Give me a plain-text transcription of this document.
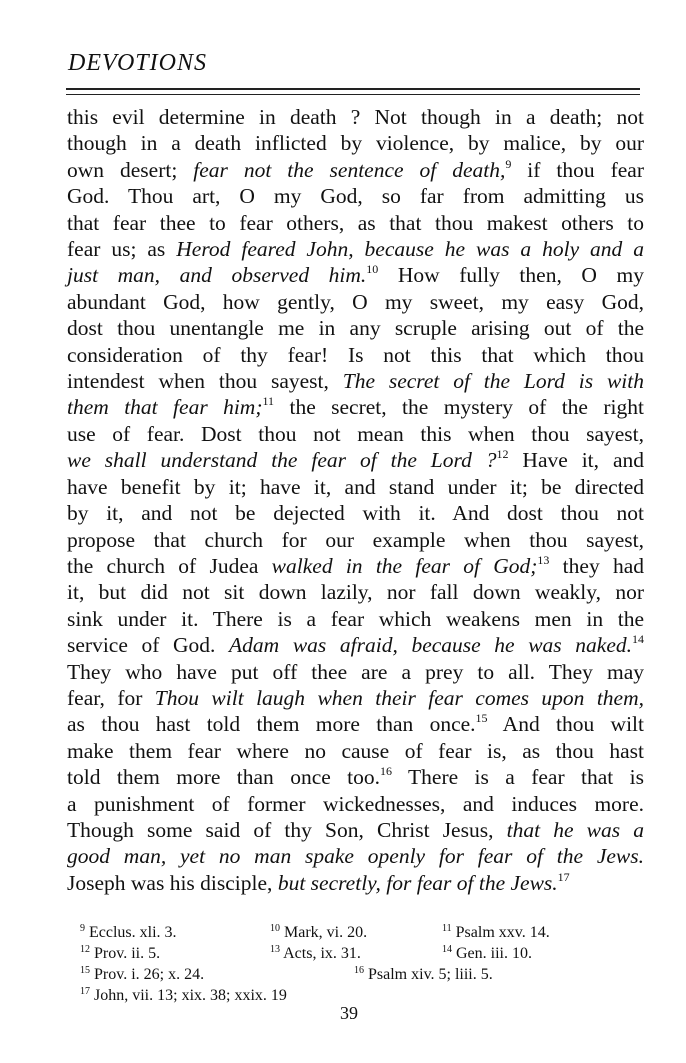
DEVOTIONS
this evil determine in death ? Not though in a death; not
though in a death inflicted by violence, by malice, by our
own desert; fear not the sentence of death,$^9$ if thou fear
God. Thou art, O my God, so far from admitting us
that fear thee to fear others, as that thou makest others to
fear us; as Herod feared John, because he was a holy and a
just man, and observed him.$^{10}$ How fully then, O my
abundant God, how gently, O my sweet, my easy God,
dost thou unentangle me in any scruple arising out of the
consideration of thy fear! Is not this that which thou
intendest when thou sayest, The secret of the Lord is with
them that fear him;$^{11}$ the secret, the mystery of the right
use of fear. Dost thou not mean this when thou sayest,
we shall understand the fear of the Lord ?$^{12}$ Have it, and
have benefit by it; have it, and stand under it; be directed
by it, and not be dejected with it. And dost thou not
propose that church for our example when thou sayest,
the church of Judea walked in the fear of God;$^{13}$ they had
it, but did not sit down lazily, nor fall down weakly, nor
sink under it. There is a fear which weakens men in the
service of God. Adam was afraid, because he was naked.$^{14}$
They who have put off thee are a prey to all. They may
fear, for Thou wilt laugh when their fear comes upon them,
as thou hast told them more than once.$^{15}$ And thou wilt
make them fear where no cause of fear is, as thou hast
told them more than once too.$^{16}$ There is a fear that is
a punishment of former wickednesses, and induces more.
Though some said of thy Son, Christ Jesus, that he was a
good man, yet no man spake openly for fear of the Jews.
Joseph was his disciple, but secretly, for fear of the Jews.$^{17}$
$^9$ Ecclus. xli. 3.	$^{10}$ Mark, vi. 20.	$^{11}$ Psalm xxv. 14.
$^{12}$ Prov. ii. 5.	$^{13}$ Acts, ix. 31.	$^{14}$ Gen. iii. 10.
$^{15}$ Prov. i. 26; x. 24.	$^{16}$ Psalm xiv. 5; liii. 5.
$^{17}$ John, vii. 13; xix. 38; xxix. 19
39
